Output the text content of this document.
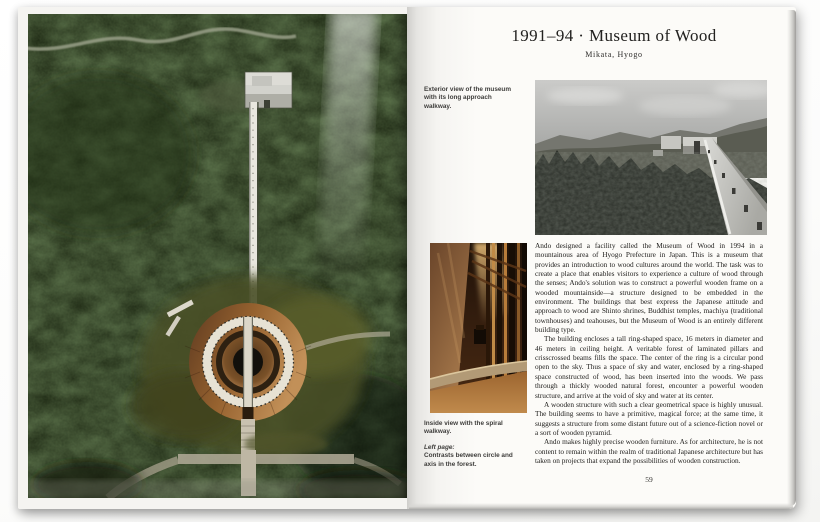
1991–94 · Museum of Wood
Mikata, Hyogo
Exterior view of the museum with its long approach walkway.

Ando designed a facility called the Museum of Wood in 1994 in a mountainous area of Hyogo Prefecture in Japan. This is a museum that provides an introduction to wood cultures around the world. The task was to create a place that enables visitors to experience a culture of wood through the senses; Ando's solution was to construct a powerful wooden frame on a wooded mountainside—a structure designed to be embedded in the environment. The buildings that best express the Japanese attitude and approach to wood are Shinto shrines, Buddhist temples, machiya (traditional townhouses) and teahouses, but the Museum of Wood is an entirely different building type.

The building encloses a tall ring-shaped space, 16 meters in diameter and 46 meters in ceiling height. A veritable forest of laminated pillars and crisscrossed beams fills the space. The center of the ring is a circular pond open to the sky. Thus a space of sky and water, enclosed by a ring-shaped space constructed of wood, has been inserted into the woods. We pass through a thickly wooded natural forest, encounter a powerful wooden structure, and arrive at the void of sky and water at its center.

A wooden structure with such a clear geometrical space is highly unusual. The building seems to have a primitive, magical force; at the same time, it suggests a structure from some distant future out of a science-fiction novel or a sort of wooden pyramid.

Ando makes highly precise wooden furniture. As for architecture, he is not content to remain within the realm of traditional Japanese architecture but has taken on projects that expand the possibilities of wooden construction.

Inside view with the spiral walkway.
Left page:
Contrasts between circle and axis in the forest.
59
